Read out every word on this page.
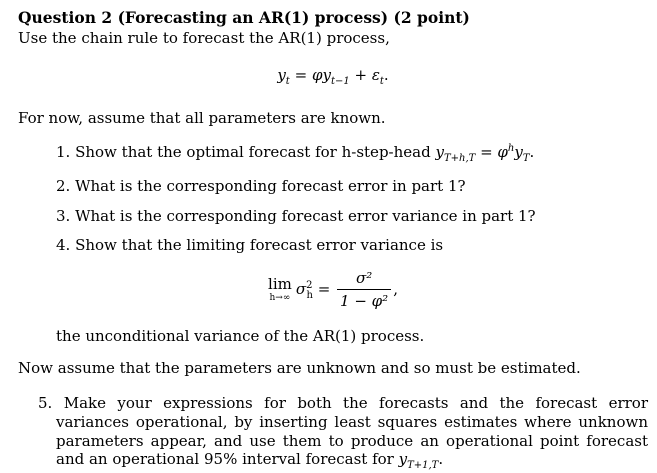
Question 2 (Forecasting an AR(1) process) (2 point)

Use the chain rule to forecast the AR(1) process,

$y_t = \varphi y_{t-1} + \varepsilon_t$.

For now, assume that all parameters are known.

1. Show that the optimal forecast for h-step-head $y_{T+h,T} = \varphi^hy_T$.
2. What is the corresponding forecast error in part 1?
3. What is the corresponding forecast error variance in part 1?
4. Show that the limiting forecast error variance is
lim
h→∞ $\sigma^2_h = \frac{\text{σ²}}{\text{1 − φ²}}$ ,

the unconditional variance of the AR(1) process.

Now assume that the parameters are unknown and so must be estimated.

5. Make your expressions for both the forecasts and the forecast error variances operational, by inserting least squares estimates where unknown parameters appear, and use them to produce an operational point forecast and an operational 95% interval forecast for $y_{T+1,T}$.
